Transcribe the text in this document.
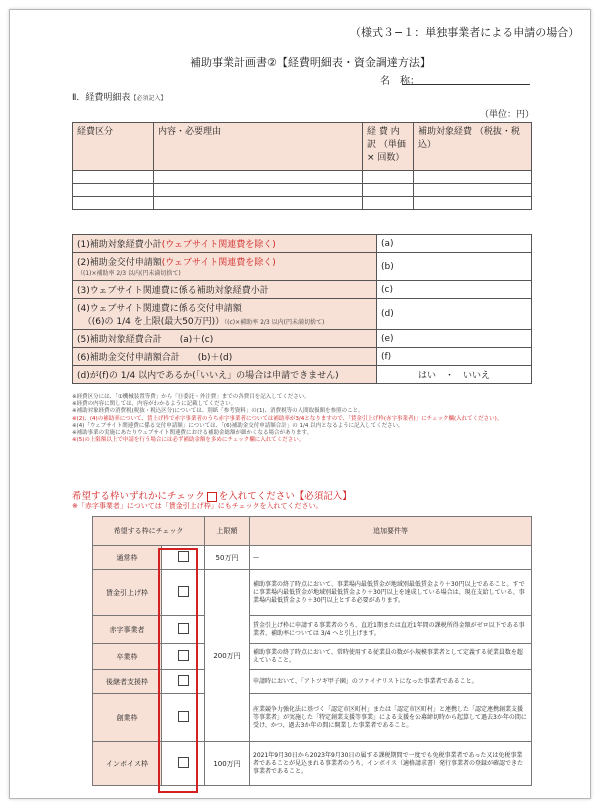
（様式３−１：単独事業者による申請の場合）
補助事業計画書②【経費明細表・資金調達方法】
名　称：
Ⅱ．経費明細表【必須記入】
（単位：円）
経費区分	内容・必要理由	経 費 内 訳 （単価× 回数）	補助対象経費 （税抜・税込）

(1)補助対象経費小計(ウェブサイト関連費を除く)	(a)
(2)補助金交付申請額(ウェブサイト関連費を除く)
（(1)×補助率 2/3 以内(円未満切捨て)	(b)
(3)ウェブサイト関連費に係る補助対象経費小計	(c)
(4)ウェブサイト関連費に係る交付申請額
（(6)の 1/4 を上限(最大50万円)）（(c)×補助率 2/3 以内(円未満切捨て)	(d)
(5)補助対象経費合計　　(a)＋(c)	(e)
(6)補助金交付申請額合計　　(b)＋(d)	(f)
(d)が(f)の 1/4 以内であるか(「いいえ」の場合は申請できません)	はい　・　いいえ
※経費区分には、「①機械装置等費」から「⑪委託・外注費」までの各費目を記入してください。
※経費の内容に関しては、内容がわかるように記載してください。
※補助対象経費の消費税(税抜・税込区分)については、別紙「参考資料」の(1)、消費税等の人間取扱額を参照のこと。
※(2)、(4)の補助率について、賃上げ枠で赤字事業者のうち赤字事業者については補助率が3/4となりますので、「賃金引上げ枠(赤字事業者)」にチェック欄(入れてください)。
※(4)「ウェブサイト関連費に係る交付申請額」については、「(6)補助金交付申請額合計」の 1/4 以内となるように記入してください。
※補助事業の実施にあたりウェブサイト関連費における補助金総額が細かくなる場合があります。
※(5)の上限額以上で申請を行う場合には必ず補助金額を多めにチェック欄に入れてください。
希望する枠いずれかにチェック を入れてください【必須記入】
※「赤字事業者」については「賃金引上げ枠」にもチェックを入れてください。
希望する枠にチェック		上限額	追加要件等
通常枠		50万円	—
賃金引上げ枠		200万円	補助事業の終了時点において、事業場内最低賃金が地域別最低賃金より＋30円以上であること。すでに事業場内最低賃金が地域別最低賃金より＋30円以上を達成している場合は、現在支給している、事業場内最低賃金より＋30円以上とする必要があります。
赤字事業者			賃金引上げ枠に申請する事業者のうち、直近1期または直近1年間の課税所得金額がゼロ以下である事業者、補助率については 3/4 へと引上げます。
卒業枠			補助事業の終了時点において、常時使用する従業員の数が小規模事業者として定義する従業員数を超えていること。
後継者支援枠			申請時において、「アトツギ甲子園」のファイナリストになった事業者であること。
創業枠			産業競争力強化法に基づく「認定市区町村」または「認定市区町村」と連携した「認定連携創業支援等事業者」が実施した「特定創業支援等事業」による支援を公募締切時から起算して過去3か年の間に受け、かつ、過去3か年の間に開業した事業者であること。
インボイス枠		100万円	2021年9月30日から2023年9月30日の属する課税期間で一度でも免税事業者であった又は免税事業者であることが見込まれる事業者のうち、インボイス（適格請求書）発行事業者の登録が確認できた事業者であること。
